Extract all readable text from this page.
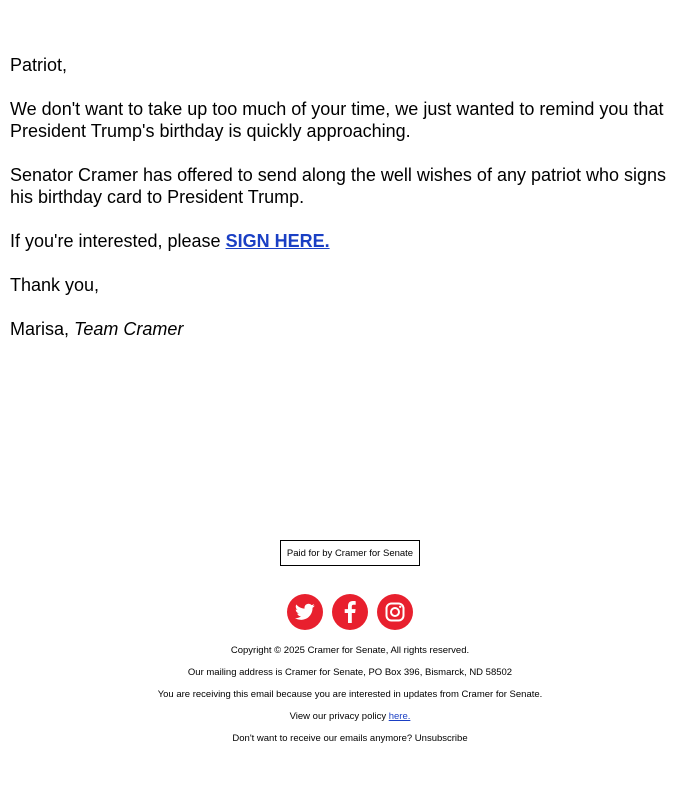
Patriot,

We don't want to take up too much of your time, we just wanted to remind you that President Trump's birthday is quickly approaching.

Senator Cramer has offered to send along the well wishes of any patriot who signs his birthday card to President Trump.

If you're interested, please SIGN HERE.

Thank you,

Marisa, Team Cramer

Paid for by Cramer for Senate

Copyright © 2025 Cramer for Senate, All rights reserved.

Our mailing address is Cramer for Senate, PO Box 396, Bismarck, ND 58502

You are receiving this email because you are interested in updates from Cramer for Senate.

View our privacy policy here.

Don't want to receive our emails anymore? Unsubscribe
